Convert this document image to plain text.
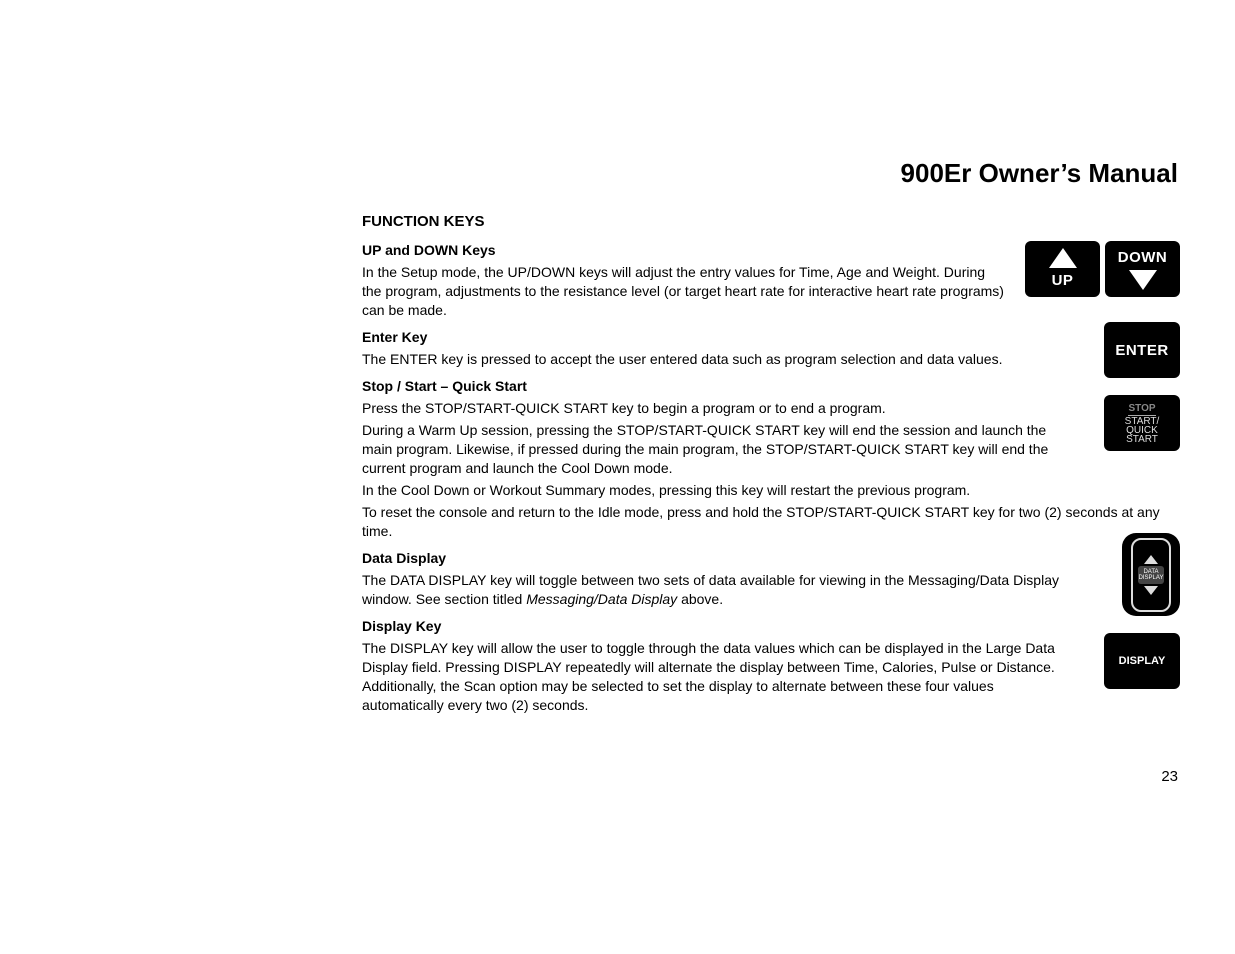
900Er Owner’s Manual
FUNCTION KEYS
UP
DOWN

UP and DOWN Keys

In the Setup mode, the UP/DOWN keys will adjust the entry values for Time, Age and Weight. During the program, adjustments to the resistance level (or target heart rate for interactive heart rate programs) can be made.

ENTER

Enter Key

The ENTER key is pressed to accept the user entered data such as program selection and data values.

STOP
START/
QUICK
START

Stop / Start – Quick Start

Press the STOP/START-QUICK START key to begin a program or to end a program.

During a Warm Up session, pressing the STOP/START-QUICK START key will end the session and launch the main program. Likewise, if pressed during the main program, the STOP/START-QUICK START key will end the current program and launch the Cool Down mode.

In the Cool Down or Workout Summary modes, pressing this key will restart the previous program.

To reset the console and return to the Idle mode, press and hold the STOP/START-QUICK START key for two (2) seconds at any time.

DATA
DISPLAY

Data Display

The DATA DISPLAY key will toggle between two sets of data available for viewing in the Messaging/Data Display window. See section titled Messaging/Data Display above.

DISPLAY

Display Key

The DISPLAY key will allow the user to toggle through the data values which can be displayed in the Large Data Display field. Pressing DISPLAY repeatedly will alternate the display between Time, Calories, Pulse or Distance. Additionally, the Scan option may be selected to set the display to alternate between these four values automatically every two (2) seconds.

23
